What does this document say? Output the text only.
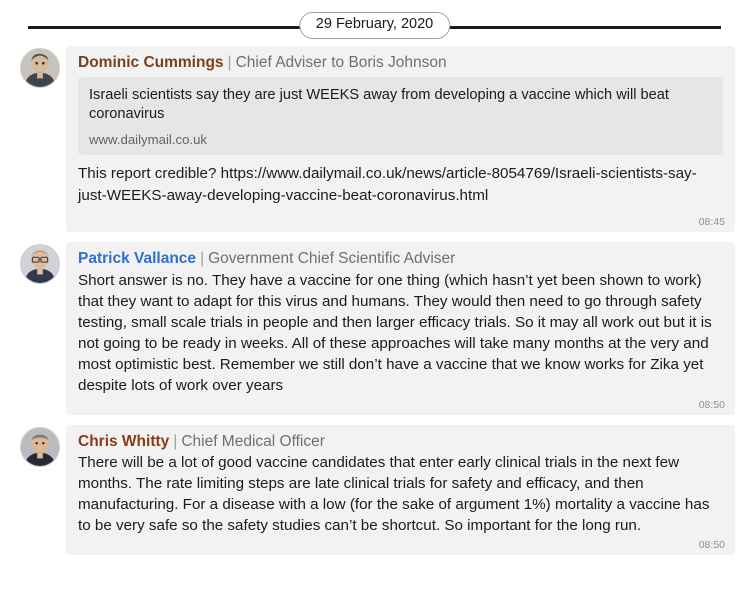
29 February, 2020
Dominic Cummings | Chief Adviser to Boris Johnson
Israeli scientists say they are just WEEKS away from developing a vaccine which will beat coronavirus
www.dailymail.co.uk
This report credible? https://www.dailymail.co.uk/news/article-8054769/Israeli-scientists-say-just-WEEKS-away-developing-vaccine-beat-coronavirus.html
08:45
Patrick Vallance | Government Chief Scientific Adviser
Short answer is no. They have a vaccine for one thing (which hasn’t yet been shown to work) that they want to adapt for this virus and humans. They would then need to go through safety testing, small scale trials in people and then larger efficacy trials. So it may all work out but it is not going to be ready in weeks. All of these approaches will take many months at the very and most optimistic best. Remember we still don’t have a vaccine that we know works for Zika yet despite lots of work over years
08:50
Chris Whitty | Chief Medical Officer
There will be a lot of good vaccine candidates that enter early clinical trials in the next few months. The rate limiting steps are late clinical trials for safety and efficacy, and then manufacturing. For a disease with a low (for the sake of argument 1%) mortality a vaccine has to be very safe so the safety studies can’t be shortcut. So important for the long run.
08:50
